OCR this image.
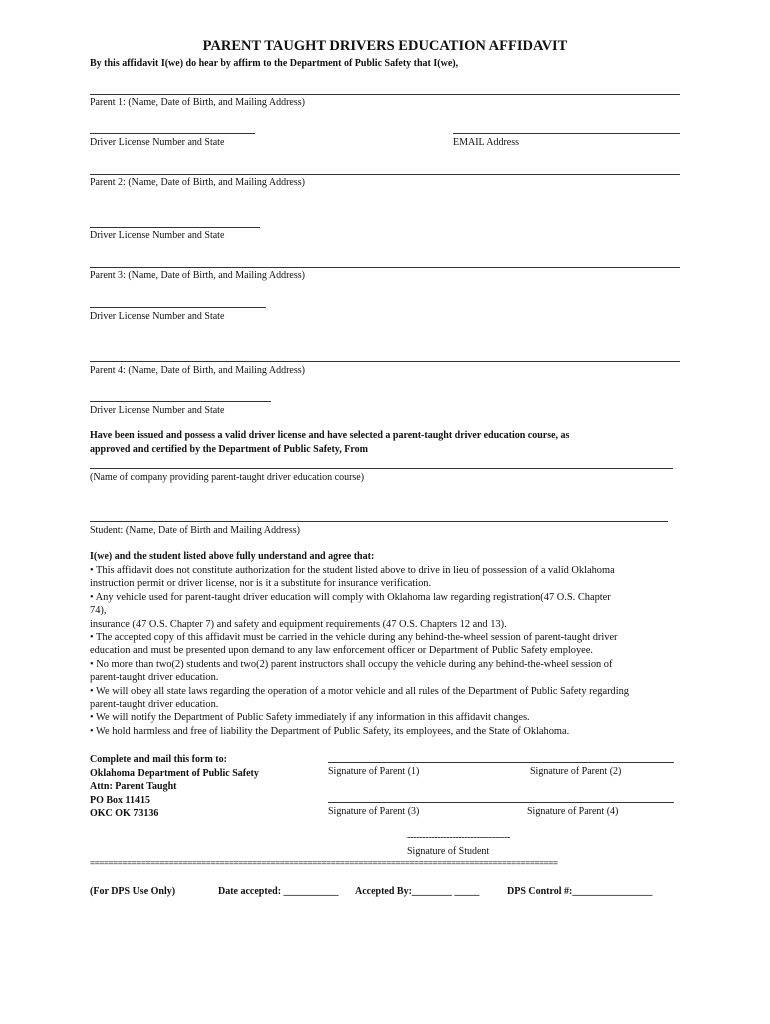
PARENT TAUGHT DRIVERS EDUCATION AFFIDAVIT
By this affidavit I(we) do hear by affirm to the Department of Public Safety that I(we),
Parent 1: (Name, Date of Birth, and Mailing Address)
Driver License Number and State	EMAIL Address
Parent 2: (Name, Date of Birth, and Mailing Address)
Driver License Number and State
Parent 3: (Name, Date of Birth, and Mailing Address)
Driver License Number and State
Parent 4: (Name, Date of Birth, and Mailing Address)
Driver License Number and State
Have been issued and possess a valid driver license and have selected a parent-taught driver education course, as
approved and certified by the Department of Public Safety, From
(Name of company providing parent-taught driver education course)
Student: (Name, Date of Birth and Mailing Address)
I(we) and the student listed above fully understand and agree that:
• This affidavit does not constitute authorization for the student listed above to drive in lieu of possession of a valid Oklahoma
instruction permit or driver license, nor is it a substitute for insurance verification.
• Any vehicle used for parent-taught driver education will comply with Oklahoma law regarding registration(47 O.S. Chapter
74),
insurance (47 O.S. Chapter 7) and safety and equipment requirements (47 O.S. Chapters 12 and 13).
• The accepted copy of this affidavit must be carried in the vehicle during any behind-the-wheel session of parent-taught driver
education and must be presented upon demand to any law enforcement officer or Department of Public Safety employee.
• No more than two(2) students and two(2) parent instructors shall occupy the vehicle during any behind-the-wheel session of
parent-taught driver education.
• We will obey all state laws regarding the operation of a motor vehicle and all rules of the Department of Public Safety regarding
parent-taught driver education.
• We will notify the Department of Public Safety immediately if any information in this affidavit changes.
• We hold harmless and free of liability the Department of Public Safety, its employees, and the State of Oklahoma.
Complete and mail this form to:
Oklahoma Department of Public Safety
Attn: Parent Taught
PO Box 11415
OKC OK 73136
Signature of Parent (1)	Signature of Parent (2)
Signature of Parent (3)	Signature of Parent (4)
----------------------------------
Signature of Student
=====================================================================================================
(For DPS Use Only)	Date accepted: ___________ Accepted By:________ _____	DPS Control #:________________
